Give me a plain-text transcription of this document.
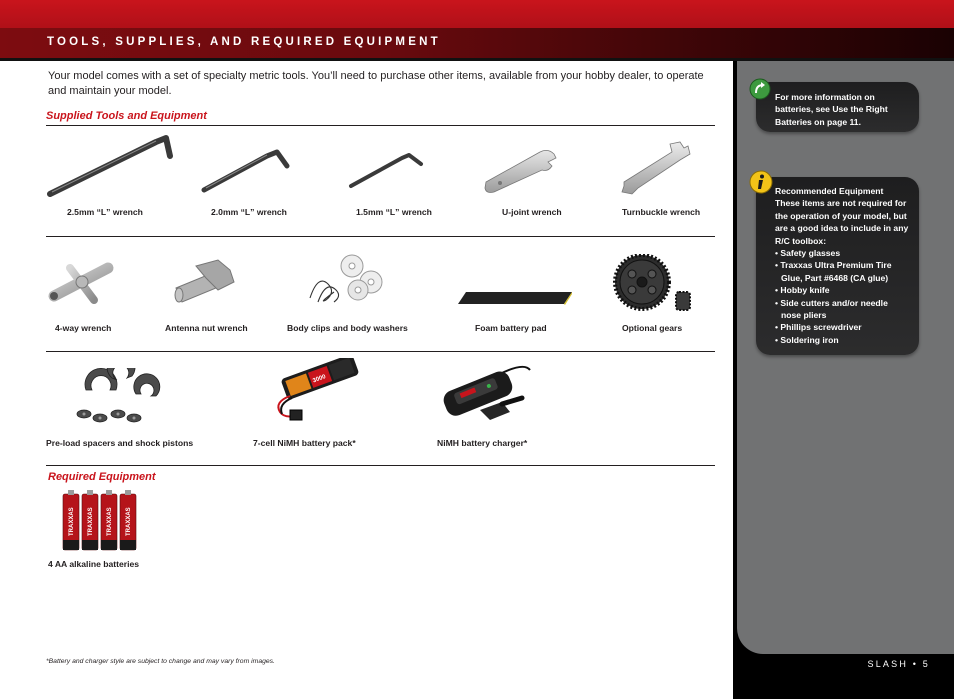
TOOLS, SUPPLIES, AND REQUIRED EQUIPMENT

Your model comes with a set of specialty metric tools. You’ll need to purchase other items, available from your hobby dealer, to operate and maintain your model.

Supplied Tools and Equipment
2.5mm “L” wrench	2.0mm “L” wrench	1.5mm “L” wrench	U-joint wrench	Turnbuckle wrench
4-way wrench	Antenna nut wrench	Body clips and body washers	Foam battery pad	Optional gears
3000
Pre-load spacers and shock pistons	7-cell NiMH battery pack*	NiMH battery charger*
Required Equipment
TRAXXAS TRAXXAS TRAXXAS TRAXXAS
4 AA alkaline batteries
*Battery and charger style are subject to change and may vary from images.
For more information on batteries, see Use the Right Batteries on page 11.
Recommended Equipment
These items are not required for the operation of your model, but are a good idea to include in any R/C toolbox:
• Safety glasses
• Traxxas Ultra Premium Tire Glue, Part #6468 (CA glue)
• Hobby knife
• Side cutters and/or needle nose pliers
• Phillips screwdriver
• Soldering iron
SLASH • 5
